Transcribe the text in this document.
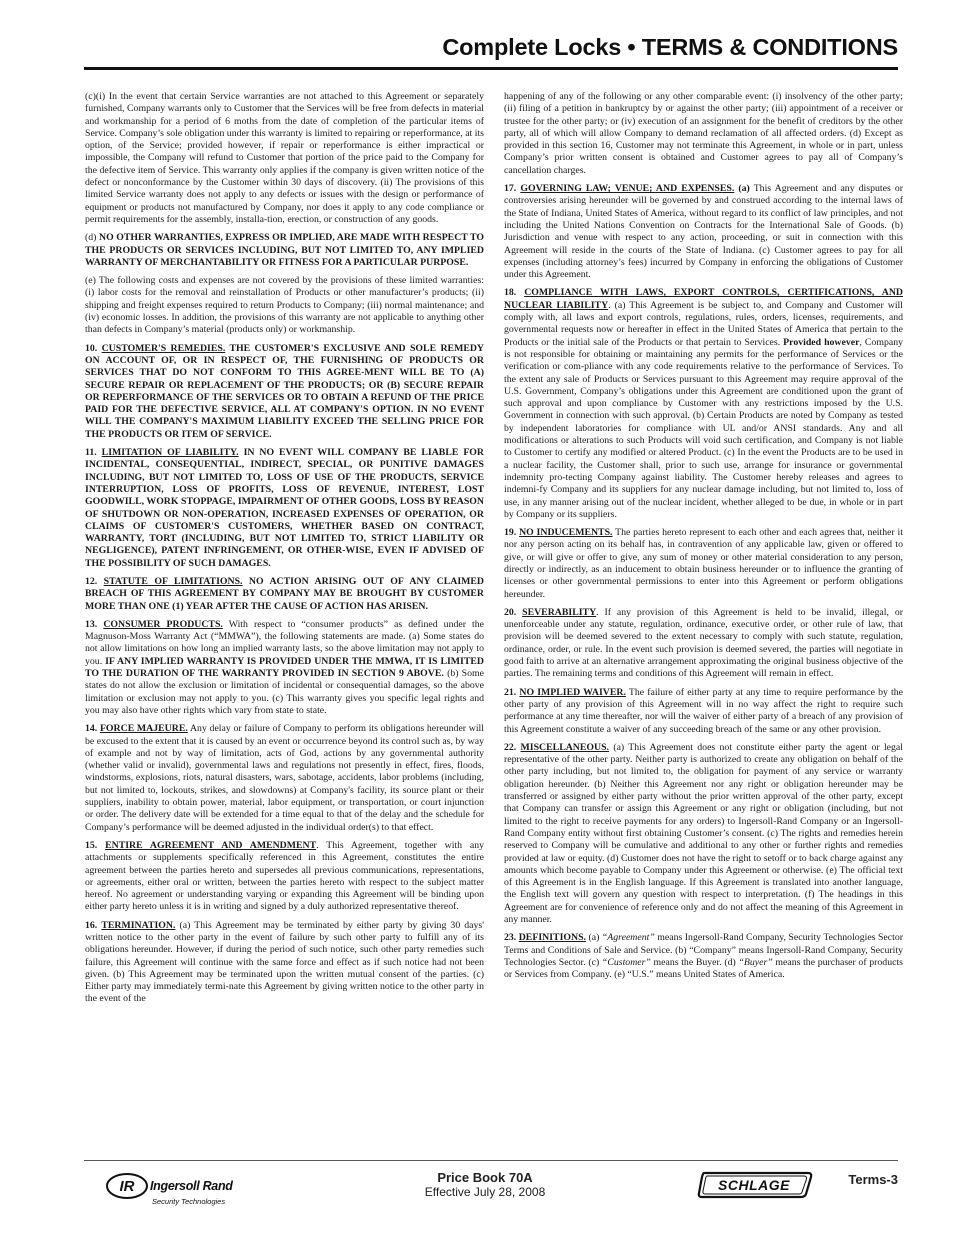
Complete Locks • TERMS & CONDITIONS

(c)(i) In the event that certain Service warranties are not attached to this Agreement or separately furnished, Company warrants only to Customer that the Services will be free from defects in material and workmanship for a period of 6 moths from the date of completion of the particular items of Service. Company’s sole obligation under this warranty is limited to repairing or reperformance, at its option, of the Service; provided however, if repair or reperformance is either impractical or impossible, the Company will refund to Customer that portion of the price paid to the Company for the defective item of Service. This warranty only applies if the company is given written notice of the defect or nonconformance by the Customer within 30 days of discovery. (ii) The provisions of this limited Service warranty does not apply to any defects or issues with the design or performance of equipment or products not manufactured by Company, nor does it apply to any code compliance or permit requirements for the assembly, installa-tion, erection, or construction of any goods.

(d) NO OTHER WARRANTIES, EXPRESS OR IMPLIED, ARE MADE WITH RESPECT TO THE PRODUCTS OR SERVICES INCLUDING, BUT NOT LIMITED TO, ANY IMPLIED WARRANTY OF MERCHANTABILITY OR FITNESS FOR A PARTICULAR PURPOSE.

(e) The following costs and expenses are not covered by the provisions of these limited warranties: (i) labor costs for the removal and reinstallation of Products or other manufacturer’s products; (ii) shipping and freight expenses required to return Products to Company; (iii) normal maintenance; and (iv) economic losses. In addition, the provisions of this warranty are not applicable to anything other than defects in Company’s material (products only) or workmanship.

10. CUSTOMER'S REMEDIES. THE CUSTOMER'S EXCLUSIVE AND SOLE REMEDY ON ACCOUNT OF, OR IN RESPECT OF, THE FURNISHING OF PRODUCTS OR SERVICES THAT DO NOT CONFORM TO THIS AGREE-MENT WILL BE TO (A) SECURE REPAIR OR REPLACEMENT OF THE PRODUCTS; OR (B) SECURE REPAIR OR REPERFORMANCE OF THE SERVICES OR TO OBTAIN A REFUND OF THE PRICE PAID FOR THE DEFECTIVE SERVICE, ALL AT COMPANY'S OPTION. IN NO EVENT WILL THE COMPANY'S MAXIMUM LIABILITY EXCEED THE SELLING PRICE FOR THE PRODUCTS OR ITEM OF SERVICE.

11. LIMITATION OF LIABILITY. IN NO EVENT WILL COMPANY BE LIABLE FOR INCIDENTAL, CONSEQUENTIAL, INDIRECT, SPECIAL, OR PUNITIVE DAMAGES INCLUDING, BUT NOT LIMITED TO, LOSS OF USE OF THE PRODUCTS, SERVICE INTERRUPTION, LOSS OF PROFITS, LOSS OF REVENUE, INTEREST, LOST GOODWILL, WORK STOPPAGE, IMPAIRMENT OF OTHER GOODS, LOSS BY REASON OF SHUTDOWN OR NON-OPERATION, INCREASED EXPENSES OF OPERATION, OR CLAIMS OF CUSTOMER'S CUSTOMERS, WHETHER BASED ON CONTRACT, WARRANTY, TORT (INCLUDING, BUT NOT LIMITED TO, STRICT LIABILITY OR NEGLIGENCE), PATENT INFRINGEMENT, OR OTHER-WISE, EVEN IF ADVISED OF THE POSSIBILITY OF SUCH DAMAGES.

12. STATUTE OF LIMITATIONS. NO ACTION ARISING OUT OF ANY CLAIMED BREACH OF THIS AGREEMENT BY COMPANY MAY BE BROUGHT BY CUSTOMER MORE THAN ONE (1) YEAR AFTER THE CAUSE OF ACTION HAS ARISEN.

13. CONSUMER PRODUCTS. With respect to “consumer products” as defined under the Magnuson-Moss Warranty Act (“MMWA”), the following statements are made. (a) Some states do not allow limitations on how long an implied warranty lasts, so the above limitation may not apply to you. IF ANY IMPLIED WARRANTY IS PROVIDED UNDER THE MMWA, IT IS LIMITED TO THE DURATION OF THE WARRANTY PROVIDED IN SECTION 9 ABOVE. (b) Some states do not allow the exclusion or limitation of incidental or consequential damages, so the above limitation or exclusion may not apply to you. (c) This warranty gives you specific legal rights and you may also have other rights which vary from state to state.

14. FORCE MAJEURE. Any delay or failure of Company to perform its obligations hereunder will be excused to the extent that it is caused by an event or occurrence beyond its control such as, by way of example and not by way of limitation, acts of God, actions by any governmental authority (whether valid or invalid), governmental laws and regulations not presently in effect, fires, floods, windstorms, explosions, riots, natural disasters, wars, sabotage, accidents, labor problems (including, but not limited to, lockouts, strikes, and slowdowns) at Company's facility, its source plant or their suppliers, inability to obtain power, material, labor equipment, or transportation, or court injunction or order. The delivery date will be extended for a time equal to that of the delay and the schedule for Company’s performance will be deemed adjusted in the individual order(s) to that effect.

15. ENTIRE AGREEMENT AND AMENDMENT. This Agreement, together with any attachments or supplements specifically referenced in this Agreement, constitutes the entire agreement between the parties hereto and supersedes all previous communications, representations, or agreements, either oral or written, between the parties hereto with respect to the subject matter hereof. No agreement or understanding varying or expanding this Agreement will be binding upon either party hereto unless it is in writing and signed by a duly authorized representative thereof.

16. TERMINATION. (a) This Agreement may be terminated by either party by giving 30 days' written notice to the other party in the event of failure by such other party to fulfill any of its obligations hereunder. However, if during the period of such notice, such other party remedies such failure, this Agreement will continue with the same force and effect as if such notice had not been given. (b) This Agreement may be terminated upon the written mutual consent of the parties. (c) Either party may immediately termi-nate this Agreement by giving written notice to the other party in the event of the

happening of any of the following or any other comparable event: (i) insolvency of the other party; (ii) filing of a petition in bankruptcy by or against the other party; (iii) appointment of a receiver or trustee for the other party; or (iv) execution of an assignment for the benefit of creditors by the other party, all of which will allow Company to demand reclamation of all affected orders. (d) Except as provided in this section 16, Customer may not terminate this Agreement, in whole or in part, unless Company’s prior written consent is obtained and Customer agrees to pay all of Company’s cancellation charges.

17. GOVERNING LAW; VENUE; AND EXPENSES. (a) This Agreement and any disputes or controversies arising hereunder will be governed by and construed according to the internal laws of the State of Indiana, United States of America, without regard to its conflict of law principles, and not including the United Nations Convention on Contracts for the International Sale of Goods. (b) Jurisdiction and venue with respect to any action, proceeding, or suit in connection with this Agreement will reside in the courts of the State of Indiana. (c) Customer agrees to pay for all expenses (including attorney’s fees) incurred by Company in enforcing the obligations of Customer under this Agreement.

18. COMPLIANCE WITH LAWS, EXPORT CONTROLS, CERTIFICATIONS, AND NUCLEAR LIABILITY. (a) This Agreement is be subject to, and Company and Customer will comply with, all laws and export controls, regulations, rules, orders, licenses, requirements, and governmental requests now or hereafter in effect in the United States of America that pertain to the Products or the initial sale of the Products or that pertain to Services. Provided however, Company is not responsible for obtaining or maintaining any permits for the performance of Services or the verification or com-pliance with any code requirements relative to the performance of Services. To the extent any sale of Products or Services pursuant to this Agreement may require approval of the U.S. Government, Company’s obligations under this Agreement are conditioned upon the grant of such approval and upon compliance by Customer with any restrictions imposed by the U.S. Government in connection with such approval. (b) Certain Products are noted by Company as tested by independent laboratories for compliance with UL and/or ANSI standards. Any and all modifications or alterations to such Products will void such certification, and Company is not liable to Customer to certify any modified or altered Product. (c) In the event the Products are to be used in a nuclear facility, the Customer shall, prior to such use, arrange for insurance or governmental indemnity pro-tecting Company against liability. The Customer hereby releases and agrees to indemni-fy Company and its suppliers for any nuclear damage including, but not limited to, loss of use, in any manner arising out of the nuclear incident, whether alleged to be due, in whole or in part by Company or its suppliers.

19. NO INDUCEMENTS. The parties hereto represent to each other and each agrees that, neither it nor any person acting on its behalf has, in contravention of any applicable law, given or offered to give, or will give or offer to give, any sum of money or other material consideration to any person, directly or indirectly, as an inducement to obtain business hereunder or to influence the granting of licenses or other governmental permissions to enter into this Agreement or perform obligations hereunder.

20. SEVERABILITY. If any provision of this Agreement is held to be invalid, illegal, or unenforceable under any statute, regulation, ordinance, executive order, or other rule of law, that provision will be deemed severed to the extent necessary to comply with such statute, regulation, ordinance, order, or rule. In the event such provision is deemed severed, the parties will negotiate in good faith to arrive at an alternative arrangement approximating the original business objective of the parties. The remaining terms and conditions of this Agreement will remain in effect.

21. NO IMPLIED WAIVER. The failure of either party at any time to require performance by the other party of any provision of this Agreement will in no way affect the right to require such performance at any time thereafter, nor will the waiver of either party of a breach of any provision of this Agreement constitute a waiver of any succeeding breach of the same or any other provision.

22. MISCELLANEOUS. (a) This Agreement does not constitute either party the agent or legal representative of the other party. Neither party is authorized to create any obligation on behalf of the other party including, but not limited to, the obligation for payment of any service or warranty obligation hereunder. (b) Neither this Agreement nor any right or obligation hereunder may be transferred or assigned by either party without the prior written approval of the other party, except that Company can transfer or assign this Agreement or any right or obligation (including, but not limited to the right to receive payments for any orders) to Ingersoll-Rand Company or an Ingersoll-Rand Company entity without first obtaining Customer’s consent. (c) The rights and remedies herein reserved to Company will be cumulative and additional to any other or further rights and remedies provided at law or equity. (d) Customer does not have the right to setoff or to back charge against any amounts which become payable to Company under this Agreement or otherwise. (e) The official text of this Agreement is in the English language. If this Agreement is translated into another language, the English text will govern any question with respect to interpretation. (f) The headings in this Agreement are for convenience of reference only and do not affect the meaning of this Agreement in any manner.

23. DEFINITIONS. (a) “Agreement” means Ingersoll-Rand Company, Security Technologies Sector Terms and Conditions of Sale and Service. (b) “Company” means Ingersoll-Rand Company, Security Technologies Sector. (c) “Customer” means the Buyer. (d) “Buyer” means the purchaser of products or Services from Company. (e) “U.S.” means United States of America.

IR Ingersoll Rand
Security Technologies
Price Book 70A
Effective July 28, 2008	SCHLAGE	Terms-3
